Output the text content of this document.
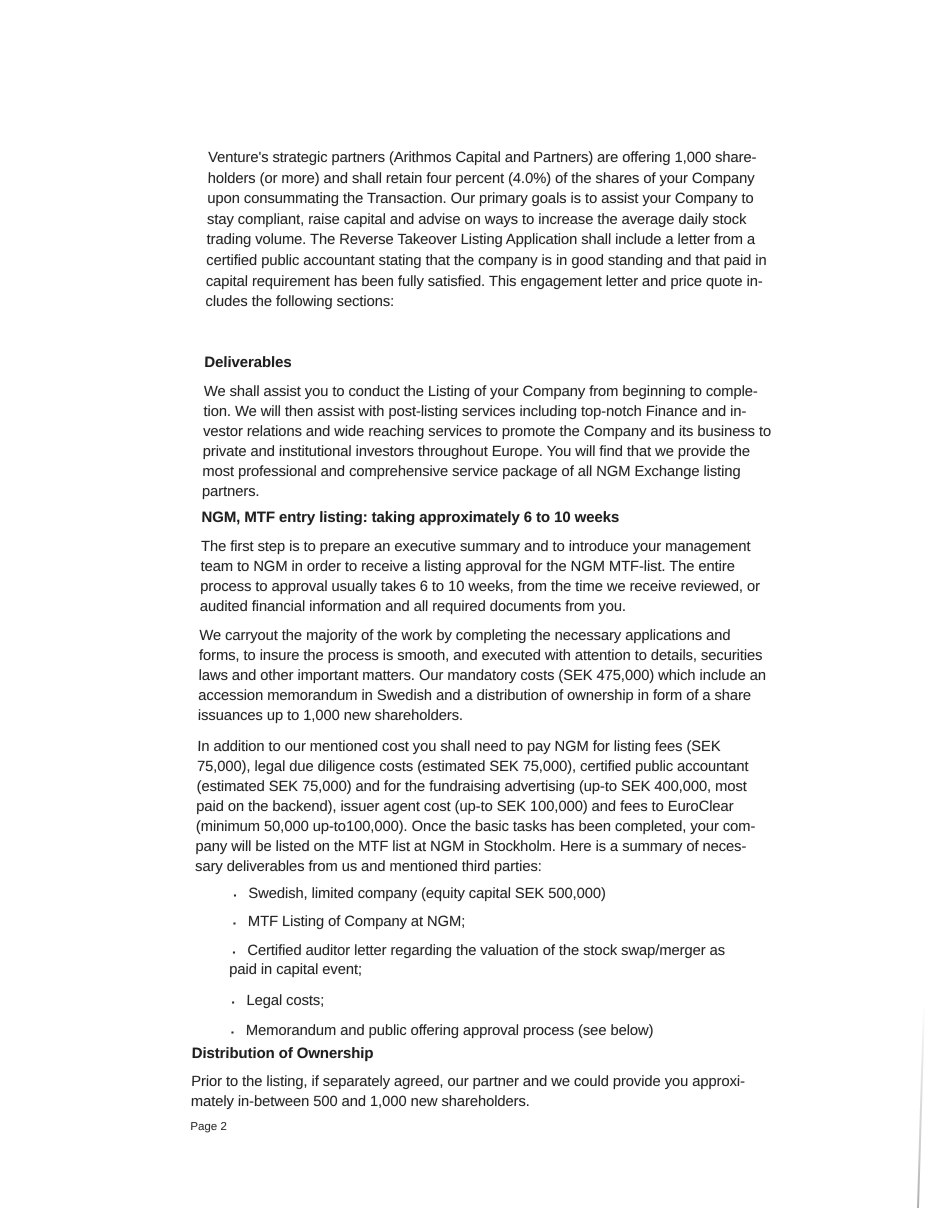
Venture's strategic partners (Arithmos Capital and Partners) are offering 1,000 share-
holders (or more) and shall retain four percent (4.0%) of the shares of your Company
upon consummating the Transaction. Our primary goals is to assist your Company to
stay compliant, raise capital and advise on ways to increase the average daily stock
trading volume. The Reverse Takeover Listing Application shall include a letter from a
certified public accountant stating that the company is in good standing and that paid in
capital requirement has been fully satisfied. This engagement letter and price quote in-
cludes the following sections:
Deliverables
We shall assist you to conduct the Listing of your Company from beginning to comple-
tion. We will then assist with post-listing services including top-notch Finance and in-
vestor relations and wide reaching services to promote the Company and its business to
private and institutional investors throughout Europe. You will find that we provide the
most professional and comprehensive service package of all NGM Exchange listing
partners.
NGM, MTF entry listing: taking approximately 6 to 10 weeks
The first step is to prepare an executive summary and to introduce your management
team to NGM in order to receive a listing approval for the NGM MTF-list. The entire
process to approval usually takes 6 to 10 weeks, from the time we receive reviewed, or
audited financial information and all required documents from you.
We carryout the majority of the work by completing the necessary applications and
forms, to insure the process is smooth, and executed with attention to details, securities
laws and other important matters. Our mandatory costs (SEK 475,000) which include an
accession memorandum in Swedish and a distribution of ownership in form of a share
issuances up to 1,000 new shareholders.
In addition to our mentioned cost you shall need to pay NGM for listing fees (SEK
75,000), legal due diligence costs (estimated SEK 75,000), certified public accountant
(estimated SEK 75,000) and for the fundraising advertising (up-to SEK 400,000, most
paid on the backend), issuer agent cost (up-to SEK 100,000) and fees to EuroClear
(minimum 50,000 up-to100,000). Once the basic tasks has been completed, your com-
pany will be listed on the MTF list at NGM in Stockholm. Here is a summary of neces-
sary deliverables from us and mentioned third parties:
▪ Swedish, limited company (equity capital SEK 500,000)
▪ MTF Listing of Company at NGM;
▪ Certified auditor letter regarding the valuation of the stock swap/merger as
paid in capital event;
▪ Legal costs;
▪ Memorandum and public offering approval process (see below)
Distribution of Ownership
Prior to the listing, if separately agreed, our partner and we could provide you approxi-
mately in-between 500 and 1,000 new shareholders.
Page 2
